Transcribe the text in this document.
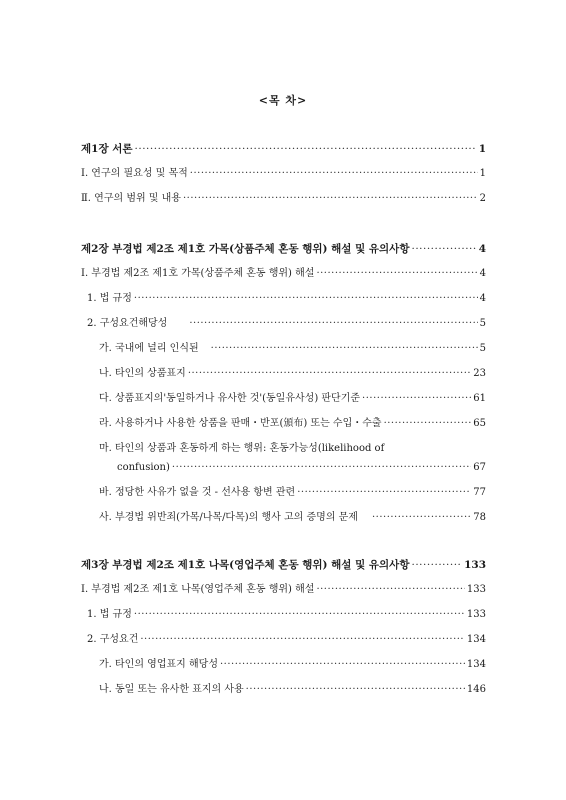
<목 차>
제1장 서론 ·····	1
Ⅰ. 연구의 필요성 및 목적 ·····	1
Ⅱ. 연구의 범위 및 내용 ·····	2
제2장 부경법 제2조 제1호 가목(상품주체 혼동 행위) 해설 및 유의사항 ·····	4
I. 부경법 제2조 제1호 가목(상품주체 혼동 행위) 해설 ·····	4
1. 법 규정 ·····	4
2. 구성요건해당성 ·····	5
가. 국내에 널리 인식된 ·····	5
나. 타인의 상품표지 ·····	23
다. 상품표지의'동일하거나 유사한 것'(동일유사성) 판단기준 ·····	61
라. 사용하거나 사용한 상품을 판매・반포(頒布) 또는 수입・수출 ·····	65
마. 타인의 상품과 혼동하게 하는 행위: 혼동가능성(likelihood of
confusion) ·····	67
바. 정당한 사유가 없을 것 - 선사용 항변 관련 ·····	77
사. 부경법 위반죄(가목/나목/다목)의 행사 고의 증명의 문제 ·····	78
제3장 부경법 제2조 제1호 나목(영업주체 혼동 행위) 해설 및 유의사항 ·····	133
I. 부경법 제2조 제1호 나목(영업주체 혼동 행위) 해설 ·····	133
1. 법 규정 ·····	133
2. 구성요건 ·····	134
가. 타인의 영업표지 해당성 ·····	134
나. 동일 또는 유사한 표지의 사용 ·····	146
